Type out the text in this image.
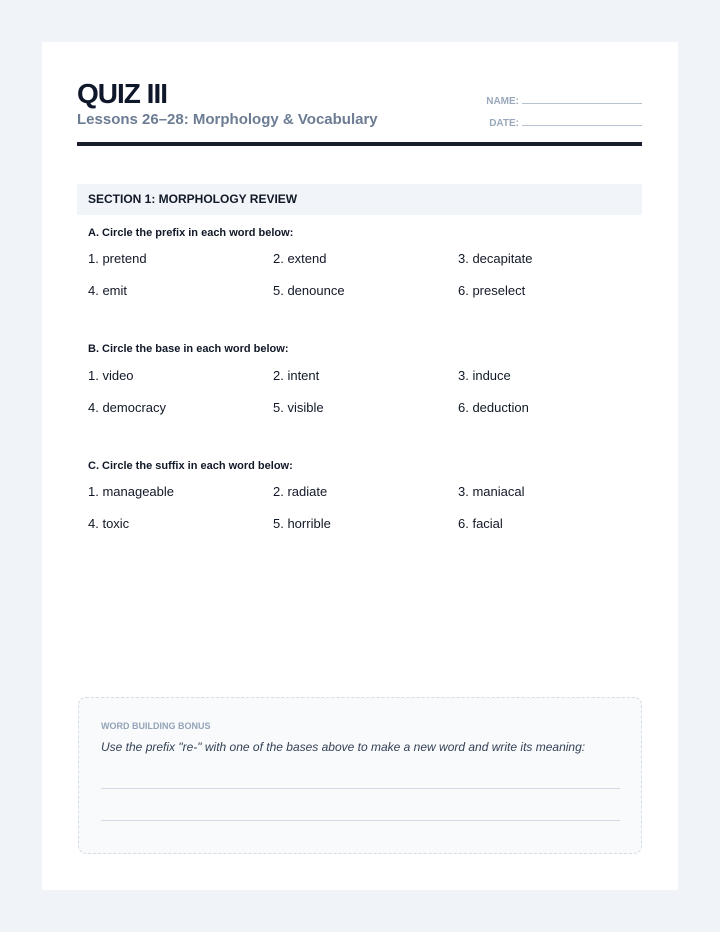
QUIZ III
Lessons 26–28: Morphology & Vocabulary
NAME:
DATE:
SECTION 1: MORPHOLOGY REVIEW
A. Circle the prefix in each word below:
1. pretend	2. extend	3. decapitate
4. emit	5. denounce	6. preselect
B. Circle the base in each word below:
1. video	2. intent	3. induce
4. democracy	5. visible	6. deduction
C. Circle the suffix in each word below:
1. manageable	2. radiate	3. maniacal
4. toxic	5. horrible	6. facial
WORD BUILDING BONUS
Use the prefix "re-" with one of the bases above to make a new word and write its meaning:
